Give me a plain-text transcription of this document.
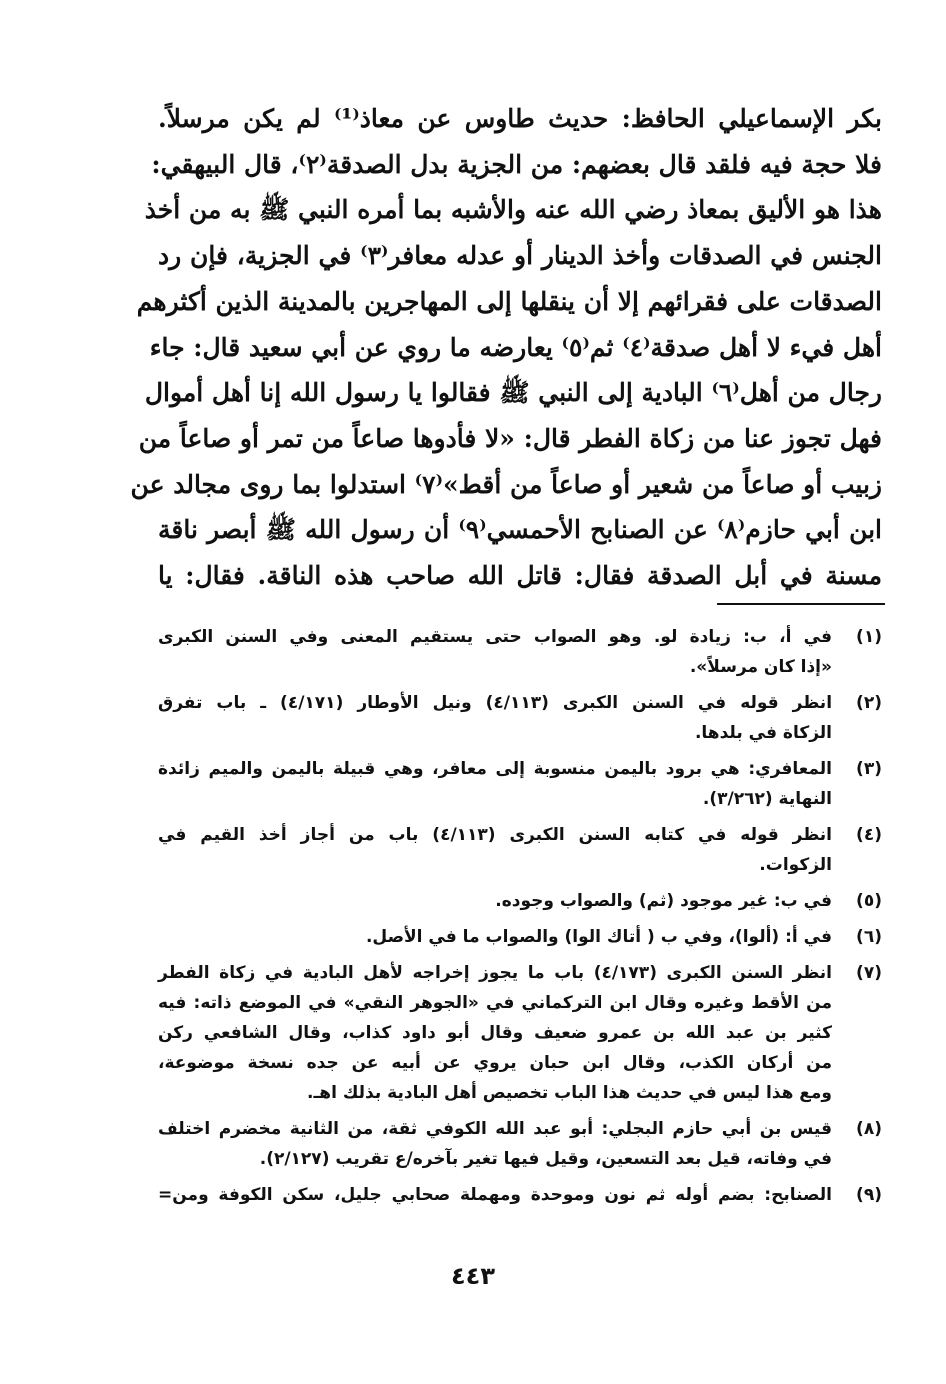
بكر الإسماعيلي الحافظ: حديث طاوس عن معاذ⁽¹⁾ لم يكن مرسلاً.

فلا حجة فيه فلقد قال بعضهم: من الجزية بدل الصدقة⁽٢⁾، قال البيهقي:

هذا هو الأليق بمعاذ رضي الله عنه والأشبه بما أمره النبي ﷺ به من أخذ

الجنس في الصدقات وأخذ الدينار أو عدله معافر⁽٣⁾ في الجزية، فإن رد

الصدقات على فقرائهم إلا أن ينقلها إلى المهاجرين بالمدينة الذين أكثرهم

أهل فيء لا أهل صدقة⁽٤⁾ ثم⁽٥⁾ يعارضه ما روي عن أبي سعيد قال: جاء

رجال من أهل⁽٦⁾ البادية إلى النبي ﷺ فقالوا يا رسول الله إنا أهل أموال

فهل تجوز عنا من زكاة الفطر قال: «لا فأدوها صاعاً من تمر أو صاعاً من

زبيب أو صاعاً من شعير أو صاعاً من أقط»⁽٧⁾ استدلوا بما روى مجالد عن

ابن أبي حازم⁽٨⁾ عن الصنابح الأحمسي⁽٩⁾ أن رسول الله ﷺ أبصر ناقة

مسنة في أبل الصدقة فقال: قاتل الله صاحب هذه الناقة. فقال: يا

(١)
في أ، ب: زيادة لو. وهو الصواب حتى يستقيم المعنى وفي السنن الكبرى
«إذا كان مرسلاً».
(٢)
انظر قوله في السنن الكبرى (٤/١١٣) ونيل الأوطار (٤/١٧١) ـ باب تفرق
الزكاة في بلدها.
(٣)
المعافري: هي برود باليمن منسوبة إلى معافر، وهي قبيلة باليمن والميم زائدة
النهاية (٣/٢٦٢).
(٤)
انظر قوله في كتابه السنن الكبرى (٤/١١٣) باب من أجاز أخذ القيم في
الزكوات.
(٥)
في ب: غير موجود (ثم) والصواب وجوده.
(٦)
في أ: (ألوا)، وفي ب ( أتاك الوا) والصواب ما في الأصل.
(٧)
انظر السنن الكبرى (٤/١٧٣) باب ما يجوز إخراجه لأهل البادية في زكاة الفطر
من الأقط وغيره وقال ابن التركماني في «الجوهر النقي» في الموضع ذاته: فيه
كثير بن عبد الله بن عمرو ضعيف وقال أبو داود كذاب، وقال الشافعي ركن
من أركان الكذب، وقال ابن حبان يروي عن أبيه عن جده نسخة موضوعة،
ومع هذا ليس في حديث هذا الباب تخصيص أهل البادية بذلك اهـ.
(٨)
قيس بن أبي حازم البجلي: أبو عبد الله الكوفي ثقة، من الثانية مخضرم اختلف
في وفاته، قيل بعد التسعين، وقيل فيها تغير بآخره/ع تقريب (٢/١٢٧).
(٩)
الصنابح: بضم أوله ثم نون وموحدة ومهملة صحابي جليل، سكن الكوفة ومن=
٤٤٣
